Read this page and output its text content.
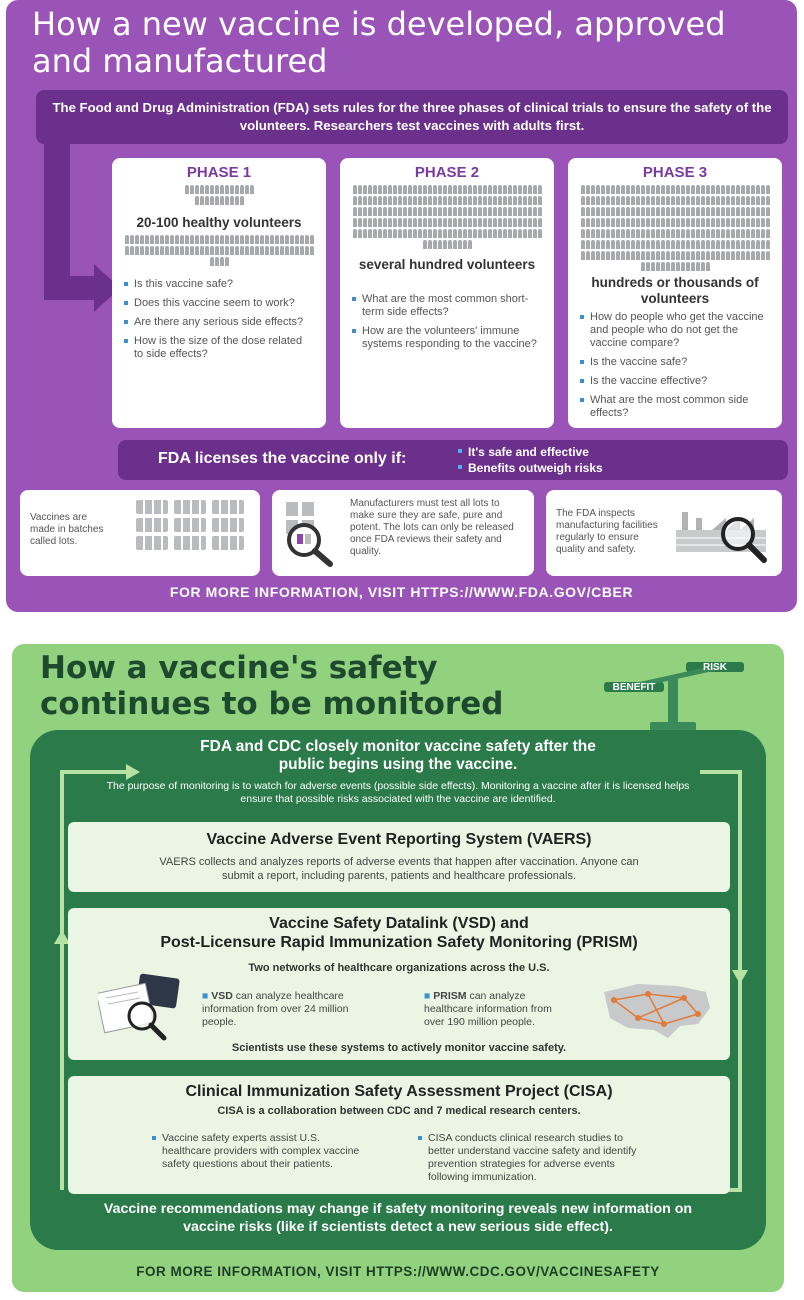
How a new vaccine is developed, approved and manufactured
The Food and Drug Administration (FDA) sets rules for the three phases of clinical trials to ensure the safety of the volunteers. Researchers test vaccines with adults first.
PHASE 1
20-100 healthy volunteers
Is this vaccine safe?
Does this vaccine seem to work?
Are there any serious side effects?
How is the size of the dose related to side effects?
PHASE 2
several hundred volunteers
What are the most common short-term side effects?
How are the volunteers' immune systems responding to the vaccine?
PHASE 3
hundreds or thousands of volunteers
How do people who get the vaccine and people who do not get the vaccine compare?
Is the vaccine safe?
Is the vaccine effective?
What are the most common side effects?
FDA licenses the vaccine only if:	It's safe and effective
Benefits outweigh risks
Vaccines are made in batches called lots.
Manufacturers must test all lots to make sure they are safe, pure and potent. The lots can only be released once FDA reviews their safety and quality.
The FDA inspects manufacturing facilities regularly to ensure quality and safety.
FOR MORE INFORMATION, VISIT HTTPS://WWW.FDA.GOV/CBER
How a vaccine's safety continues to be monitored	BENEFIT
RISK
FDA and CDC closely monitor vaccine safety after the public begins using the vaccine.
The purpose of monitoring is to watch for adverse events (possible side effects). Monitoring a vaccine after it is licensed helps ensure that possible risks associated with the vaccine are identified.
Vaccine Adverse Event Reporting System (VAERS)
VAERS collects and analyzes reports of adverse events that happen after vaccination. Anyone can submit a report, including parents, patients and healthcare professionals.
Vaccine Safety Datalink (VSD) and
Post-Licensure Rapid Immunization Safety Monitoring (PRISM)
Two networks of healthcare organizations across the U.S.
■ VSD can analyze healthcare information from over 24 million people.
■ PRISM can analyze healthcare information from over 190 million people.
Scientists use these systems to actively monitor vaccine safety.
Clinical Immunization Safety Assessment Project (CISA)
CISA is a collaboration between CDC and 7 medical research centers.
Vaccine safety experts assist U.S. healthcare providers with complex vaccine safety questions about their patients.
CISA conducts clinical research studies to better understand vaccine safety and identify prevention strategies for adverse events following immunization.
Vaccine recommendations may change if safety monitoring reveals new information on vaccine risks (like if scientists detect a new serious side effect).
FOR MORE INFORMATION, VISIT HTTPS://WWW.CDC.GOV/VACCINESAFETY
